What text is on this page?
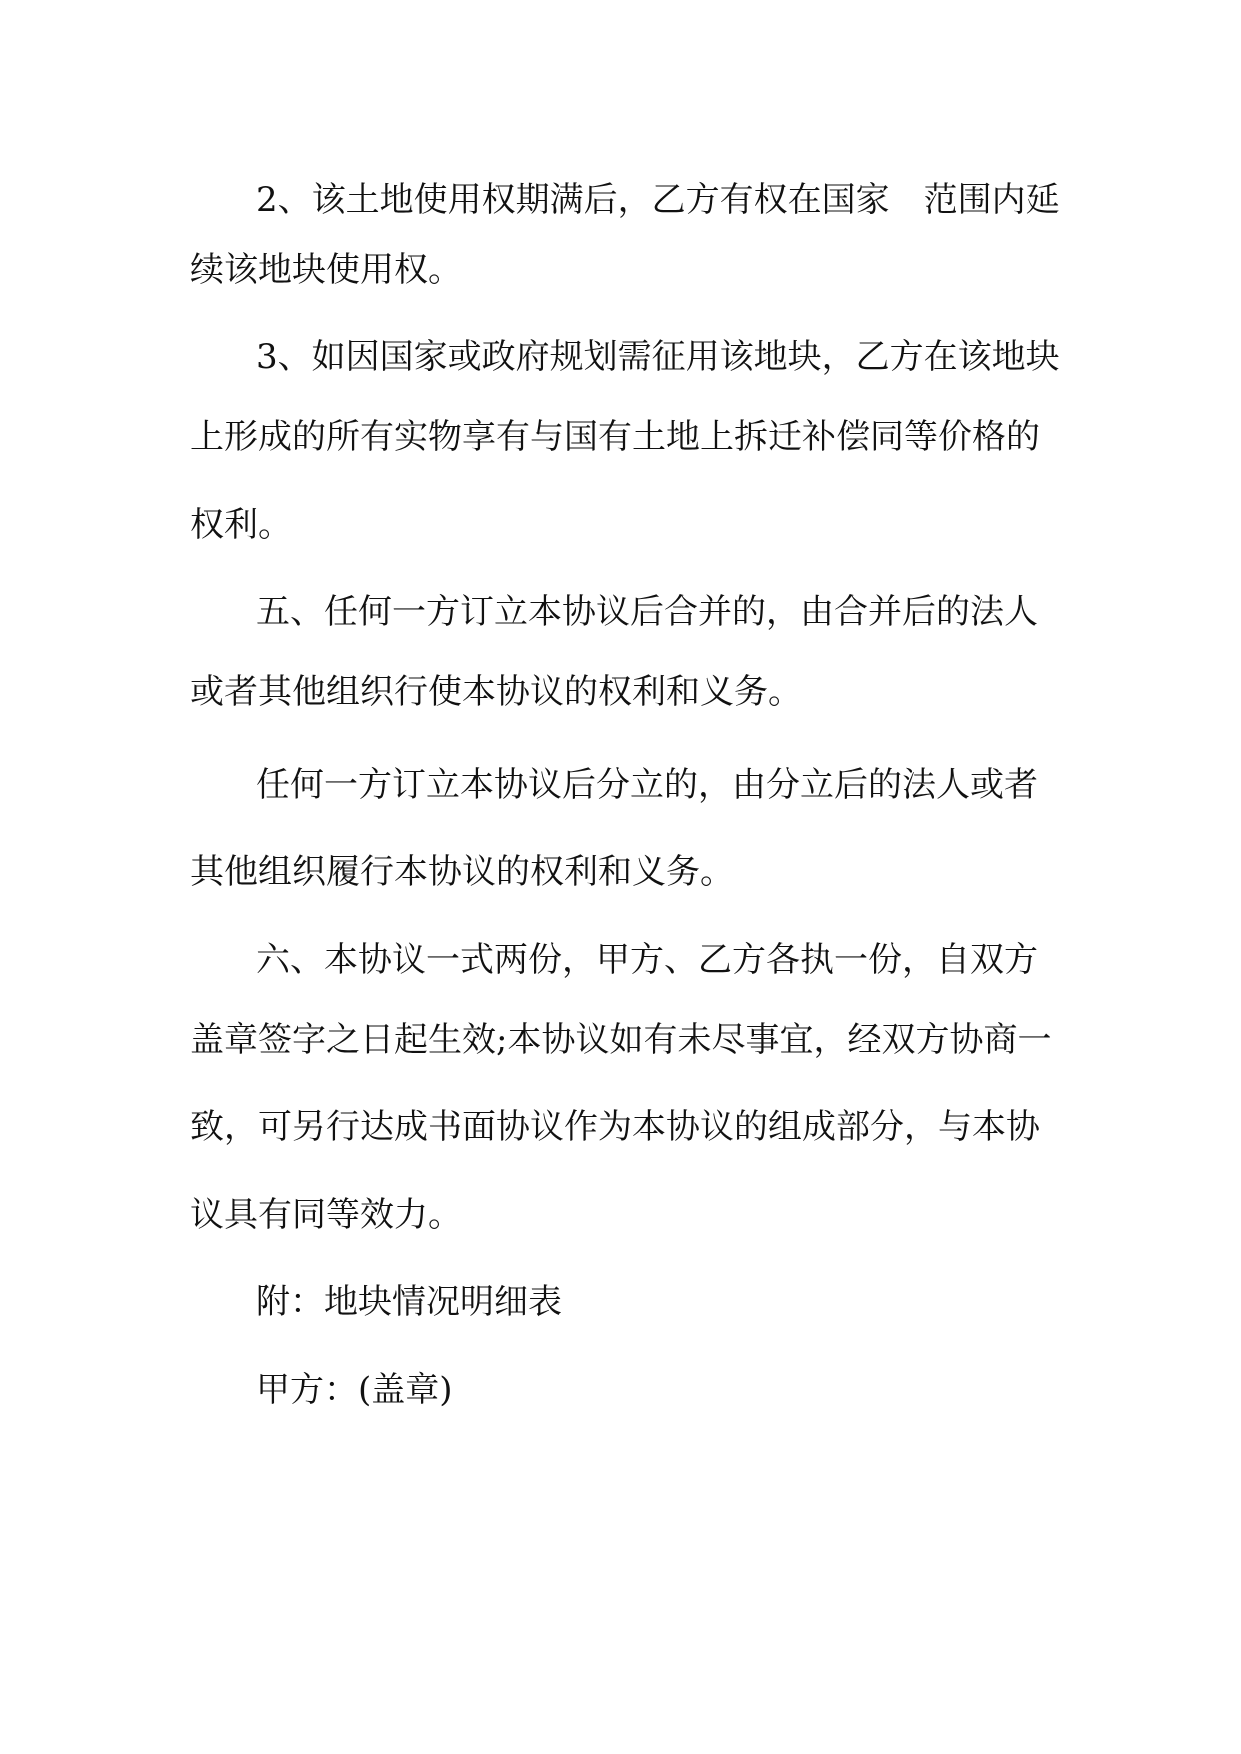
2、该土地使用权期满后，乙方有权在国家　范围内延

续该地块使用权。

3、如因国家或政府规划需征用该地块，乙方在该地块

上形成的所有实物享有与国有土地上拆迁补偿同等价格的

权利。

五、任何一方订立本协议后合并的，由合并后的法人

或者其他组织行使本协议的权利和义务。

任何一方订立本协议后分立的，由分立后的法人或者

其他组织履行本协议的权利和义务。

六、本协议一式两份，甲方、乙方各执一份，自双方

盖章签字之日起生效;本协议如有未尽事宜，经双方协商一

致，可另行达成书面协议作为本协议的组成部分，与本协

议具有同等效力。

附：地块情况明细表

甲方：(盖章)
